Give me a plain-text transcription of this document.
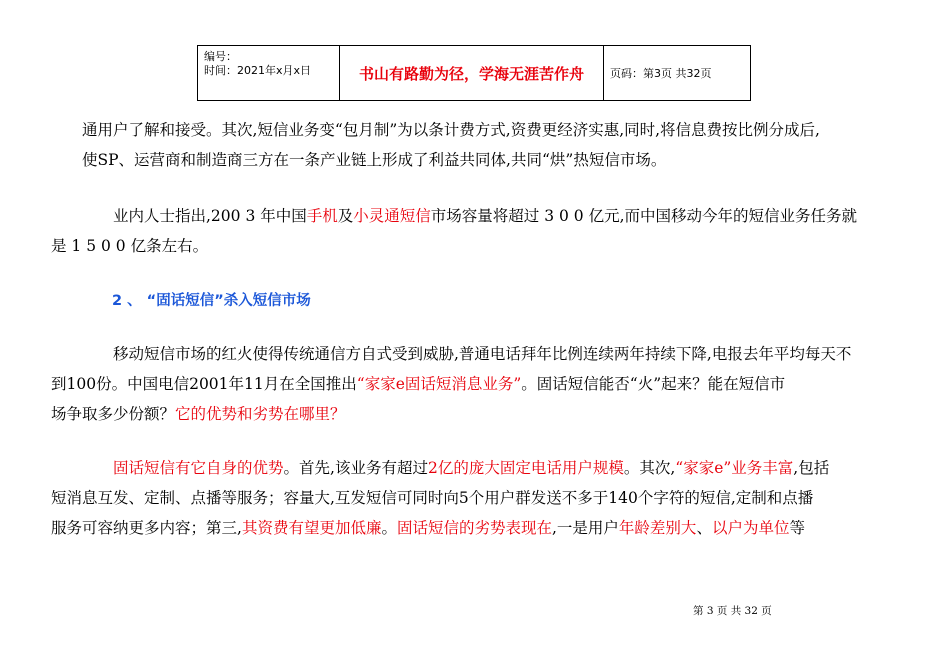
编号：
时间：2021年x月x日	书山有路勤为径，学海无涯苦作舟	页码：第3页 共32页

通用户了解和接受。其次,短信业务变“包月制”为以条计费方式,资费更经济实惠,同时,将信息费按比例分成后,
使SP、运营商和制造商三方在一条产业链上形成了利益共同体,共同“烘”热短信市场。

业内人士指出,200 3 年中国手机及小灵通短信市场容量将超过 3 0 0 亿元,而中国移动今年的短信业务任务就
是 1 5 0 0 亿条左右。

2 、 “固话短信”杀入短信市场

移动短信市场的红火使得传统通信方自式受到威胁,普通电话拜年比例连续两年持续下降,电报去年平均每天不
到100份。中国电信2001年11月在全国推出“家家e固话短消息业务”。固话短信能否“火”起来？能在短信市
场争取多少份额？它的优势和劣势在哪里？

固话短信有它自身的优势。首先,该业务有超过2亿的庞大固定电话用户规模。其次,“家家e”业务丰富,包括
短消息互发、定制、点播等服务；容量大,互发短信可同时向5个用户群发送不多于140个字符的短信,定制和点播
服务可容纳更多内容；第三,其资费有望更加低廉。固话短信的劣势表现在,一是用户年龄差别大、以户为单位等

第 3 页 共 32 页
